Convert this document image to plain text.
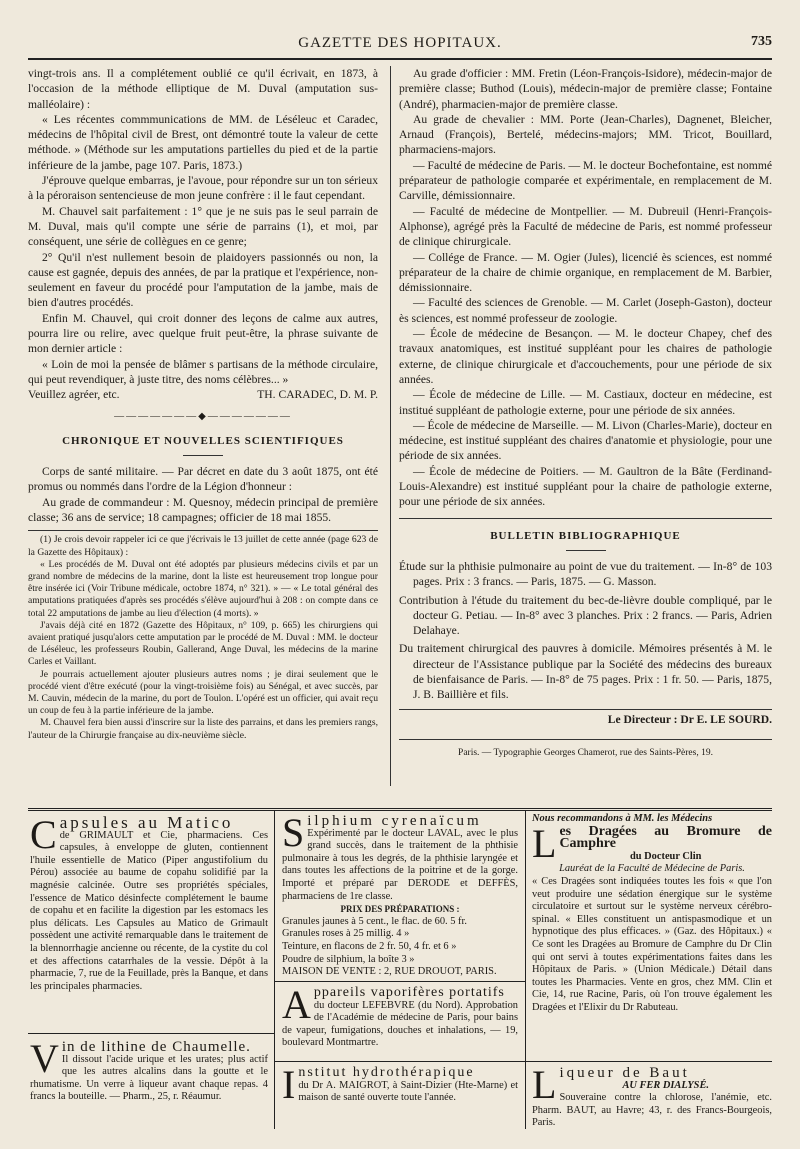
GAZETTE DES HOPITAUX.	735

vingt-trois ans. Il a complétement oublié ce qu'il écrivait, en 1873, à l'occasion de la méthode elliptique de M. Duval (amputation sus-malléolaire) :

« Les récentes commmunications de MM. de Léséleuc et Caradec, médecins de l'hôpital civil de Brest, ont démontré toute la valeur de cette méthode. » (Méthode sur les amputations partielles du pied et de la partie inférieure de la jambe, page 107. Paris, 1873.)

J'éprouve quelque embarras, je l'avoue, pour répondre sur un ton sérieux à la péroraison sentencieuse de mon jeune confrère : il le faut cependant.

M. Chauvel sait parfaitement : 1° que je ne suis pas le seul parrain de M. Duval, mais qu'il compte une série de parrains (1), et moi, par conséquent, une série de collègues en ce genre;

2° Qu'il n'est nullement besoin de plaidoyers passionnés ou non, la cause est gagnée, depuis des années, de par la pratique et l'expérience, non-seulement en faveur du procédé pour l'amputation de la jambe, mais de bien d'autres procédés.

Enfin M. Chauvel, qui croit donner des leçons de calme aux autres, pourra lire ou relire, avec quelque fruit peut-être, la phrase suivante de mon dernier article :

« Loin de moi la pensée de blâmer s partisans de la méthode circulaire, qui peut revendiquer, à juste titre, des noms célèbres... »

Veuillez agréer, etc.	TH. CARADEC, D. M. P.
———————◆———————
CHRONIQUE ET NOUVELLES SCIENTIFIQUES

Corps de santé militaire. — Par décret en date du 3 août 1875, ont été promus ou nommés dans l'ordre de la Légion d'honneur :

Au grade de commandeur : M. Quesnoy, médecin principal de première classe; 36 ans de service; 18 campagnes; officier de 18 mai 1855.

(1) Je crois devoir rappeler ici ce que j'écrivais le 13 juillet de cette année (page 623 de la Gazette des Hôpitaux) :

« Les procédés de M. Duval ont été adoptés par plusieurs médecins civils et par un grand nombre de médecins de la marine, dont la liste est heureusement trop longue pour être insérée ici (Voir Tribune médicale, octobre 1874, n° 321). » — « Le total général des amputations pratiquées d'après ses procédés s'élève aujourd'hui à 208 : on compte dans ce total 22 amputations de jambe au lieu d'élection (4 morts). »

J'avais déjà cité en 1872 (Gazette des Hôpitaux, n° 109, p. 665) les chirurgiens qui avaient pratiqué jusqu'alors cette amputation par le procédé de M. Duval : MM. le docteur de Léséleuc, les professeurs Roubin, Gallerand, Ange Duval, les médecins de la marine Carles et Vaillant.

Je pourrais actuellement ajouter plusieurs autres noms ; je dirai seulement que le procédé vient d'être exécuté (pour la vingt-troisième fois) au Sénégal, et avec succès, par M. Cauvin, médecin de la marine, du port de Toulon. L'opéré est un officier, qui avait reçu un coup de feu à la partie inférieure de la jambe.

M. Chauvel fera bien aussi d'inscrire sur la liste des parrains, et dans les premiers rangs, l'auteur de la Chirurgie française au dix-neuvième siècle.

Au grade d'officier : MM. Fretin (Léon-François-Isidore), médecin-major de première classe; Buthod (Louis), médecin-major de première classe; Fontaine (André), pharmacien-major de première classe.

Au grade de chevalier : MM. Porte (Jean-Charles), Dagnenet, Bleicher, Arnaud (François), Bertelé, médecins-majors; MM. Tricot, Bouillard, pharmaciens-majors.

— Faculté de médecine de Paris. — M. le docteur Bochefontaine, est nommé préparateur de pathologie comparée et expérimentale, en remplacement de M. Carville, démissionnaire.

— Faculté de médecine de Montpellier. — M. Dubreuil (Henri-François-Alphonse), agrégé près la Faculté de médecine de Paris, est nommé professeur de clinique chirurgicale.

— Collége de France. — M. Ogier (Jules), licencié ès sciences, est nommé préparateur de la chaire de chimie organique, en remplacement de M. Barbier, démissionnaire.

— Faculté des sciences de Grenoble. — M. Carlet (Joseph-Gaston), docteur ès sciences, est nommé professeur de zoologie.

— École de médecine de Besançon. — M. le docteur Chapey, chef des travaux anatomiques, est institué suppléant pour les chaires de pathologie externe, de clinique chirurgicale et d'accouchements, pour une période de six années.

— École de médecine de Lille. — M. Castiaux, docteur en médecine, est institué suppléant de pathologie externe, pour une période de six années.

— École de médecine de Marseille. — M. Livon (Charles-Marie), docteur en médecine, est institué suppléant des chaires d'anatomie et physiologie, pour une période de six années.

— École de médecine de Poitiers. — M. Gaultron de la Bâte (Ferdinand-Louis-Alexandre) est institué suppléant pour la chaire de pathologie externe, pour une période de six années.

BULLETIN BIBLIOGRAPHIQUE

Étude sur la phthisie pulmonaire au point de vue du traitement. — In-8° de 103 pages. Prix : 3 francs. — Paris, 1875. — G. Masson.

Contribution à l'étude du traitement du bec-de-lièvre double compliqué, par le docteur G. Petiau. — In-8° avec 3 planches. Prix : 2 francs. — Paris, Adrien Delahaye.

Du traitement chirurgical des pauvres à domicile. Mémoires présentés à M. le directeur de l'Assistance publique par la Société des médecins des bureaux de bienfaisance de Paris. — In-8° de 75 pages. Prix : 1 fr. 50. — Paris, 1875, J. B. Baillière et fils.

Le Directeur : Dr E. LE SOURD.
Paris. — Typographie Georges Chamerot, rue des Saints-Pères, 19.
C apsules au Matico
de GRIMAULT et Cie, pharmaciens. Ces capsules, à enveloppe de gluten, contiennent l'huile essentielle de Matico (Piper angustifolium du Pérou) associée au baume de copahu solidifié par la magnésie calcinée. Outre ses propriétés spéciales, l'essence de Matico désinfecte complétement le baume de copahu et en facilite la digestion par les estomacs les plus délicats. Les Capsules au Matico de Grimault possèdent une activité remarquable dans le traitement de la blennorrhagie ancienne ou récente, de la cystite du col et des affections catarrhales de la vessie. Dépôt à la pharmacie, 7, rue de la Feuillade, près la Banque, et dans les principales pharmacies.
V in de lithine de Chaumelle.
Il dissout l'acide urique et les urates; plus actif que les autres alcalins dans la goutte et le rhumatisme. Un verre à liqueur avant chaque repas. 4 francs la bouteille. — Pharm., 25, r. Réaumur.
S ilphium cyrenaïcum
Expérimenté par le docteur LAVAL, avec le plus grand succès, dans le traitement de la phthisie pulmonaire à tous les degrés, de la phthisie laryngée et dans toutes les affections de la poitrine et de la gorge. Importé et préparé par DERODE et DEFFÈS, pharmaciens de 1re classe.
PRIX DES PRÉPARATIONS :
Granules jaunes à 5 cent., le flac. de 60. 5 fr.
Granules roses à 25 millig. 4 »
Teinture, en flacons de 2 fr. 50, 4 fr. et 6 »
Poudre de silphium, la boîte 3 »
MAISON DE VENTE : 2, RUE DROUOT, PARIS.
A ppareils vaporifères portatifs
du docteur LEFEBVRE (du Nord). Approbation de l'Académie de médecine de Paris, pour bains de vapeur, fumigations, douches et inhalations, — 19, boulevard Montmartre.
I nstitut hydrothérapique
du Dr A. MAIGROT, à Saint-Dizier (Hte-Marne) et maison de santé ouverte toute l'année.
Nous recommandons à MM. les Médecins
L es Dragées au Bromure de Camphre
du Docteur Clin
Lauréat de la Faculté de Médecine de Paris.
« Ces Dragées sont indiquées toutes les fois « que l'on veut produire une sédation énergique sur le système circulatoire et surtout sur le système nerveux cérébro-spinal. « Elles constituent un antispasmodique et un hypnotique des plus efficaces. » (Gaz. des Hôpitaux.) « Ce sont les Dragées au Bromure de Camphre du Dr Clin qui ont servi à toutes expérimentations faites dans les Hôpitaux de Paris. » (Union Médicale.) Détail dans toutes les Pharmacies. Vente en gros, chez MM. Clin et Cie, 14, rue Racine, Paris, où l'on trouve également les Dragées et l'Elixir du Dr Rabuteau.
L iqueur de Baut
AU FER DIALYSÉ.
Souveraine contre la chlorose, l'anémie, etc. Pharm. BAUT, au Havre; 43, r. des Francs-Bourgeois, Paris.
